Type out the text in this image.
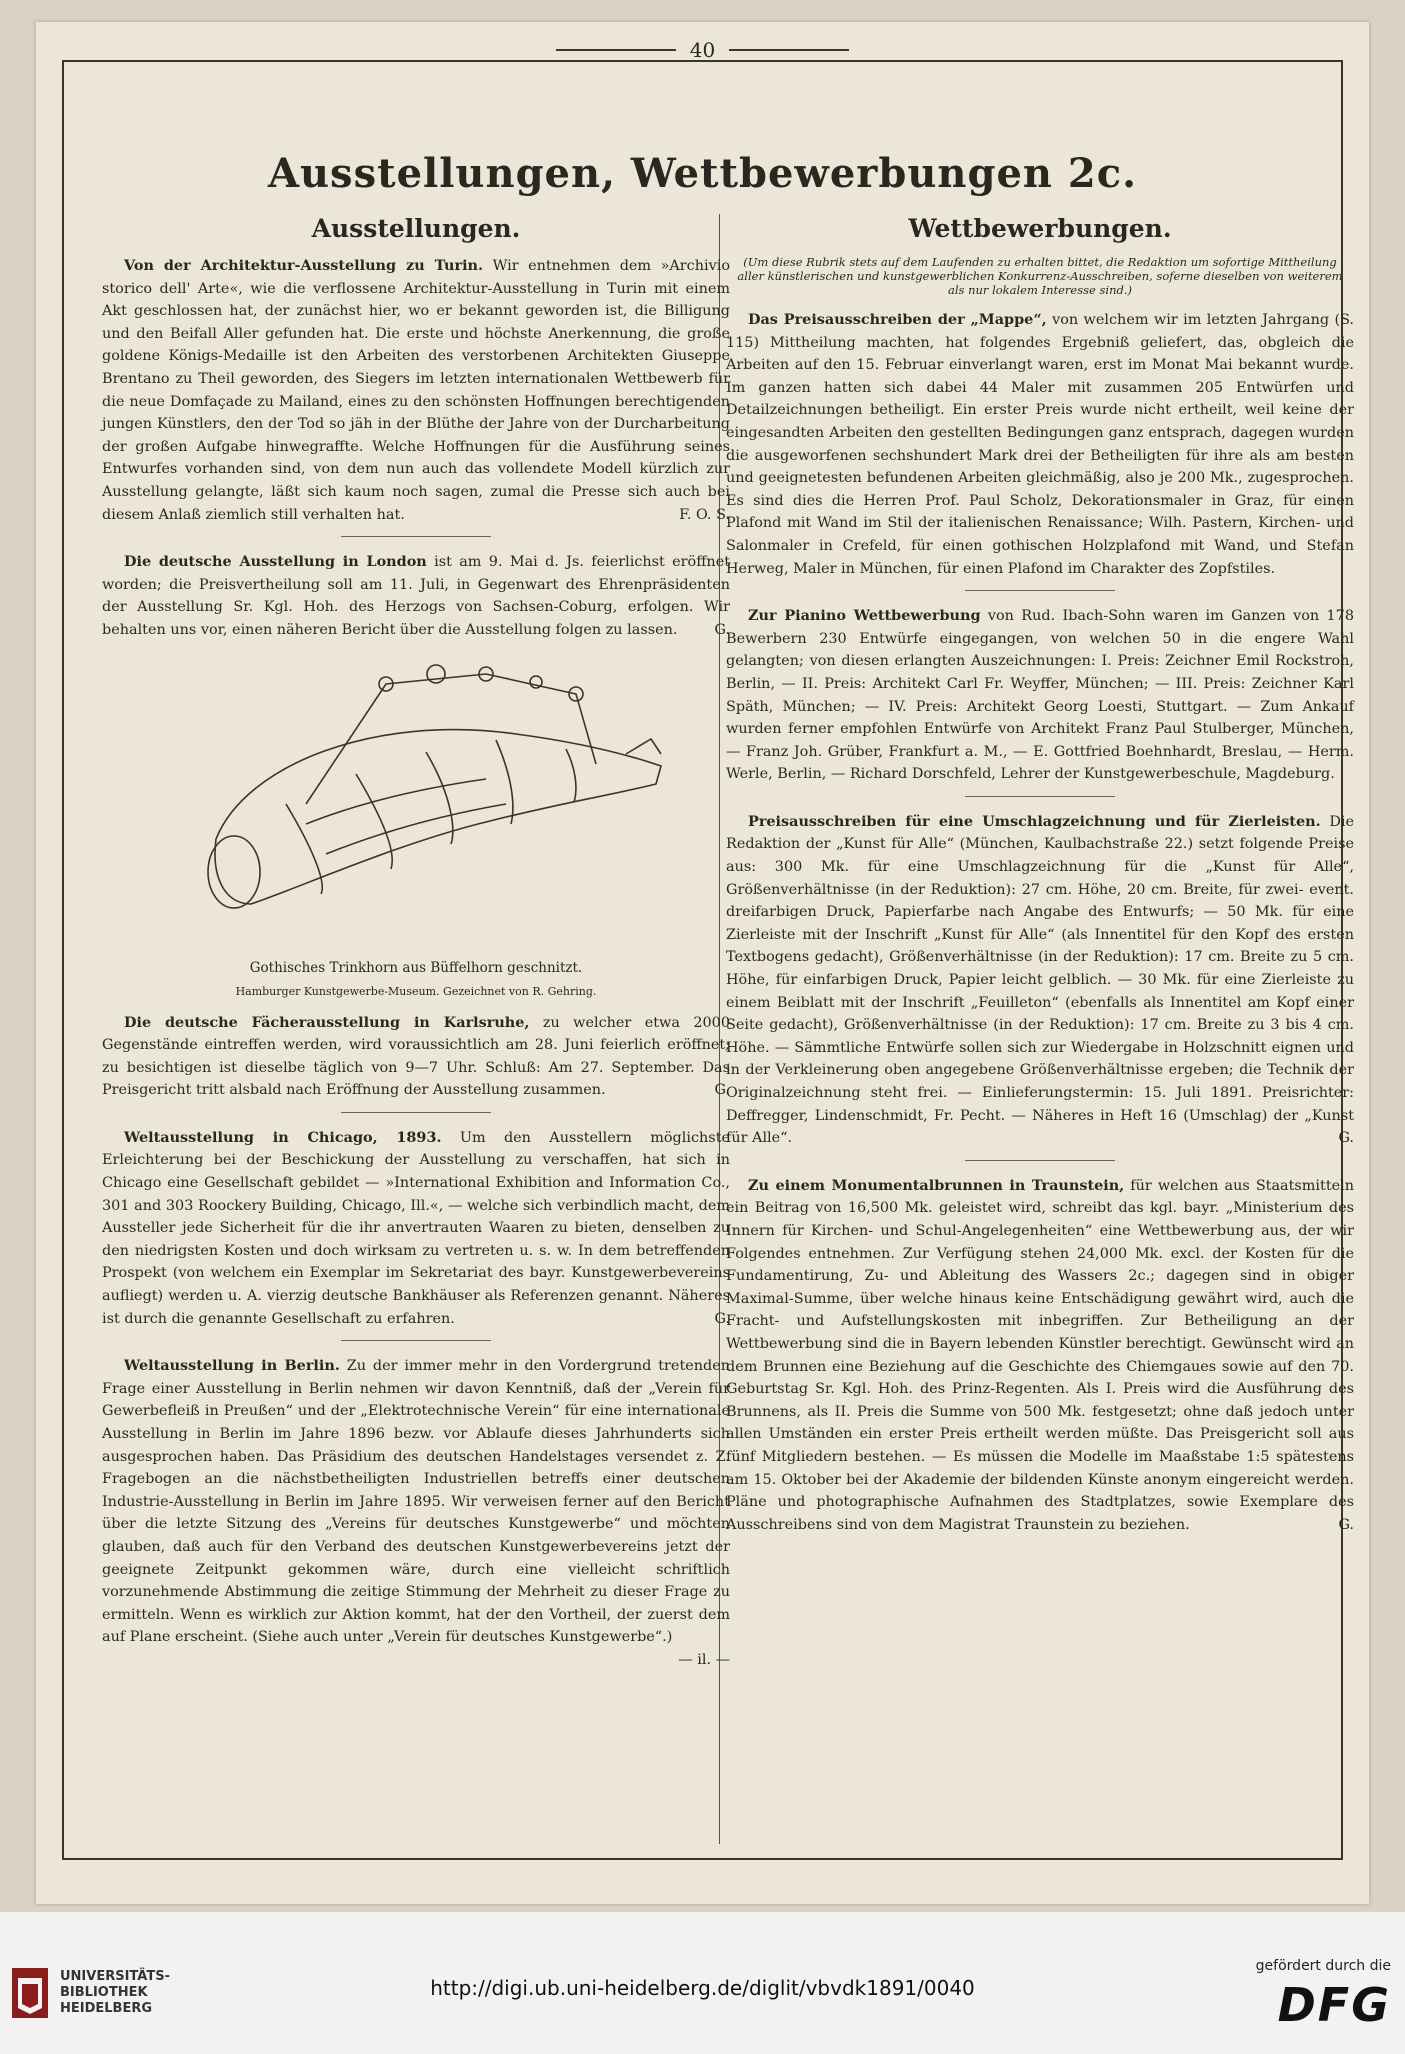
40
Ausstellungen, Wettbewerbungen 2c.
Ausstellungen.

Von der Architektur-Ausstellung zu Turin. Wir entnehmen dem »Archivio storico dell' Arte«, wie die verflossene Architektur-Ausstellung in Turin mit einem Akt geschlossen hat, der zunächst hier, wo er bekannt geworden ist, die Billigung und den Beifall Aller gefunden hat. Die erste und höchste Anerkennung, die große goldene Königs-Medaille ist den Arbeiten des verstorbenen Architekten Giuseppe Brentano zu Theil geworden, des Siegers im letzten internationalen Wettbewerb für die neue Domfaçade zu Mailand, eines zu den schönsten Hoffnungen berechtigenden jungen Künstlers, den der Tod so jäh in der Blüthe der Jahre von der Durcharbeitung der großen Aufgabe hinwegraffte. Welche Hoffnungen für die Ausführung seines Entwurfes vorhanden sind, von dem nun auch das vollendete Modell kürzlich zur Ausstellung gelangte, läßt sich kaum noch sagen, zumal die Presse sich auch bei diesem Anlaß ziemlich still verhalten hat.	F. O. S.

Die deutsche Ausstellung in London ist am 9. Mai d. Js. feierlichst eröffnet worden; die Preisvertheilung soll am 11. Juli, in Gegenwart des Ehrenpräsidenten der Ausstellung Sr. Kgl. Hoh. des Herzogs von Sachsen-Coburg, erfolgen. Wir behalten uns vor, einen näheren Bericht über die Ausstellung folgen zu lassen.	G.

Gothisches Trinkhorn aus Büffelhorn geschnitzt.
Hamburger Kunstgewerbe-Museum. Gezeichnet von R. Gehring.

Die deutsche Fächerausstellung in Karlsruhe, zu welcher etwa 2000 Gegenstände eintreffen werden, wird voraussichtlich am 28. Juni feierlich eröffnet; zu besichtigen ist dieselbe täglich von 9—7 Uhr. Schluß: Am 27. September. Das Preisgericht tritt alsbald nach Eröffnung der Ausstellung zusammen.	G.

Weltausstellung in Chicago, 1893. Um den Ausstellern möglichste Erleichterung bei der Beschickung der Ausstellung zu verschaffen, hat sich in Chicago eine Gesellschaft gebildet — »International Exhibition and Information Co., 301 and 303 Roockery Building, Chicago, Ill.«, — welche sich verbindlich macht, dem Aussteller jede Sicherheit für die ihr anvertrauten Waaren zu bieten, denselben zu den niedrigsten Kosten und doch wirksam zu vertreten u. s. w. In dem betreffenden Prospekt (von welchem ein Exemplar im Sekretariat des bayr. Kunstgewerbevereins aufliegt) werden u. A. vierzig deutsche Bankhäuser als Referenzen genannt. Näheres ist durch die genannte Gesellschaft zu erfahren.	G.

Weltausstellung in Berlin. Zu der immer mehr in den Vordergrund tretenden Frage einer Ausstellung in Berlin nehmen wir davon Kenntniß, daß der „Verein für Gewerbefleiß in Preußen“ und der „Elektrotechnische Verein“ für eine internationale Ausstellung in Berlin im Jahre 1896 bezw. vor Ablaufe dieses Jahrhunderts sich ausgesprochen haben. Das Präsidium des deutschen Handelstages versendet z. Z. Fragebogen an die nächstbetheiligten Industriellen betreffs einer deutschen Industrie-Ausstellung in Berlin im Jahre 1895. Wir verweisen ferner auf den Bericht über die letzte Sitzung des „Vereins für deutsches Kunstgewerbe“ und möchten glauben, daß auch für den Verband des deutschen Kunstgewerbevereins jetzt der geeignete Zeitpunkt gekommen wäre, durch eine vielleicht schriftlich vorzunehmende Abstimmung die zeitige Stimmung der Mehrheit zu dieser Frage zu ermitteln. Wenn es wirklich zur Aktion kommt, hat der den Vortheil, der zuerst dem auf Plane erscheint. (Siehe auch unter „Verein für deutsches Kunstgewerbe“.)
— il. —

Wettbewerbungen.
(Um diese Rubrik stets auf dem Laufenden zu erhalten bittet, die Redaktion um sofortige Mittheilung aller künstlerischen und kunstgewerblichen Konkurrenz-Ausschreiben, soferne dieselben von weiterem als nur lokalem Interesse sind.)

Das Preisausschreiben der „Mappe“, von welchem wir im letzten Jahrgang (S. 115) Mittheilung machten, hat folgendes Ergebniß geliefert, das, obgleich die Arbeiten auf den 15. Februar einverlangt waren, erst im Monat Mai bekannt wurde. Im ganzen hatten sich dabei 44 Maler mit zusammen 205 Entwürfen und Detailzeichnungen betheiligt. Ein erster Preis wurde nicht ertheilt, weil keine der eingesandten Arbeiten den gestellten Bedingungen ganz entsprach, dagegen wurden die ausgeworfenen sechshundert Mark drei der Betheiligten für ihre als am besten und geeignetesten befundenen Arbeiten gleichmäßig, also je 200 Mk., zugesprochen. Es sind dies die Herren Prof. Paul Scholz, Dekorationsmaler in Graz, für einen Plafond mit Wand im Stil der italienischen Renaissance; Wilh. Pastern, Kirchen- und Salonmaler in Crefeld, für einen gothischen Holzplafond mit Wand, und Stefan Herweg, Maler in München, für einen Plafond im Charakter des Zopfstiles.

Zur Pianino Wettbewerbung von Rud. Ibach-Sohn waren im Ganzen von 178 Bewerbern 230 Entwürfe eingegangen, von welchen 50 in die engere Wahl gelangten; von diesen erlangten Auszeichnungen: I. Preis: Zeichner Emil Rockstroh, Berlin, — II. Preis: Architekt Carl Fr. Weyffer, München; — III. Preis: Zeichner Karl Späth, München; — IV. Preis: Architekt Georg Loesti, Stuttgart. — Zum Ankauf wurden ferner empfohlen Entwürfe von Architekt Franz Paul Stulberger, München, — Franz Joh. Grüber, Frankfurt a. M., — E. Gottfried Boehnhardt, Breslau, — Herm. Werle, Berlin, — Richard Dorschfeld, Lehrer der Kunstgewerbeschule, Magdeburg.

Preisausschreiben für eine Umschlagzeichnung und für Zierleisten. Die Redaktion der „Kunst für Alle“ (München, Kaulbachstraße 22.) setzt folgende Preise aus: 300 Mk. für eine Umschlagzeichnung für die „Kunst für Alle“, Größenverhältnisse (in der Reduktion): 27 cm. Höhe, 20 cm. Breite, für zwei- event. dreifarbigen Druck, Papierfarbe nach Angabe des Entwurfs; — 50 Mk. für eine Zierleiste mit der Inschrift „Kunst für Alle“ (als Innentitel für den Kopf des ersten Textbogens gedacht), Größenverhältnisse (in der Reduktion): 17 cm. Breite zu 5 cm. Höhe, für einfarbigen Druck, Papier leicht gelblich. — 30 Mk. für eine Zierleiste zu einem Beiblatt mit der Inschrift „Feuilleton“ (ebenfalls als Innentitel am Kopf einer Seite gedacht), Größenverhältnisse (in der Reduktion): 17 cm. Breite zu 3 bis 4 cm. Höhe. — Sämmtliche Entwürfe sollen sich zur Wiedergabe in Holzschnitt eignen und in der Verkleinerung oben angegebene Größenverhältnisse ergeben; die Technik der Originalzeichnung steht frei. — Einlieferungstermin: 15. Juli 1891. Preisrichter: Deffregger, Lindenschmidt, Fr. Pecht. — Näheres in Heft 16 (Umschlag) der „Kunst für Alle“.	G.

Zu einem Monumentalbrunnen in Traunstein, für welchen aus Staatsmitteln ein Beitrag von 16,500 Mk. geleistet wird, schreibt das kgl. bayr. „Ministerium des Innern für Kirchen- und Schul-Angelegenheiten“ eine Wettbewerbung aus, der wir Folgendes entnehmen. Zur Verfügung stehen 24,000 Mk. excl. der Kosten für die Fundamentirung, Zu- und Ableitung des Wassers 2c.; dagegen sind in obiger Maximal-Summe, über welche hinaus keine Entschädigung gewährt wird, auch die Fracht- und Aufstellungskosten mit inbegriffen. Zur Betheiligung an der Wettbewerbung sind die in Bayern lebenden Künstler berechtigt. Gewünscht wird an dem Brunnen eine Beziehung auf die Geschichte des Chiemgaues sowie auf den 70. Geburtstag Sr. Kgl. Hoh. des Prinz-Regenten. Als I. Preis wird die Ausführung des Brunnens, als II. Preis die Summe von 500 Mk. festgesetzt; ohne daß jedoch unter allen Umständen ein erster Preis ertheilt werden müßte. Das Preisgericht soll aus fünf Mitgliedern bestehen. — Es müssen die Modelle im Maaßstabe 1:5 spätestens am 15. Oktober bei der Akademie der bildenden Künste anonym eingereicht werden. Pläne und photographische Aufnahmen des Stadtplatzes, sowie Exemplare des Ausschreibens sind von dem Magistrat Traunstein zu beziehen.	G.

UNIVERSITÄTS-
BIBLIOTHEK
HEIDELBERG
http://digi.ub.uni-heidelberg.de/diglit/vbvdk1891/0040
gefördert durch die
DFG
